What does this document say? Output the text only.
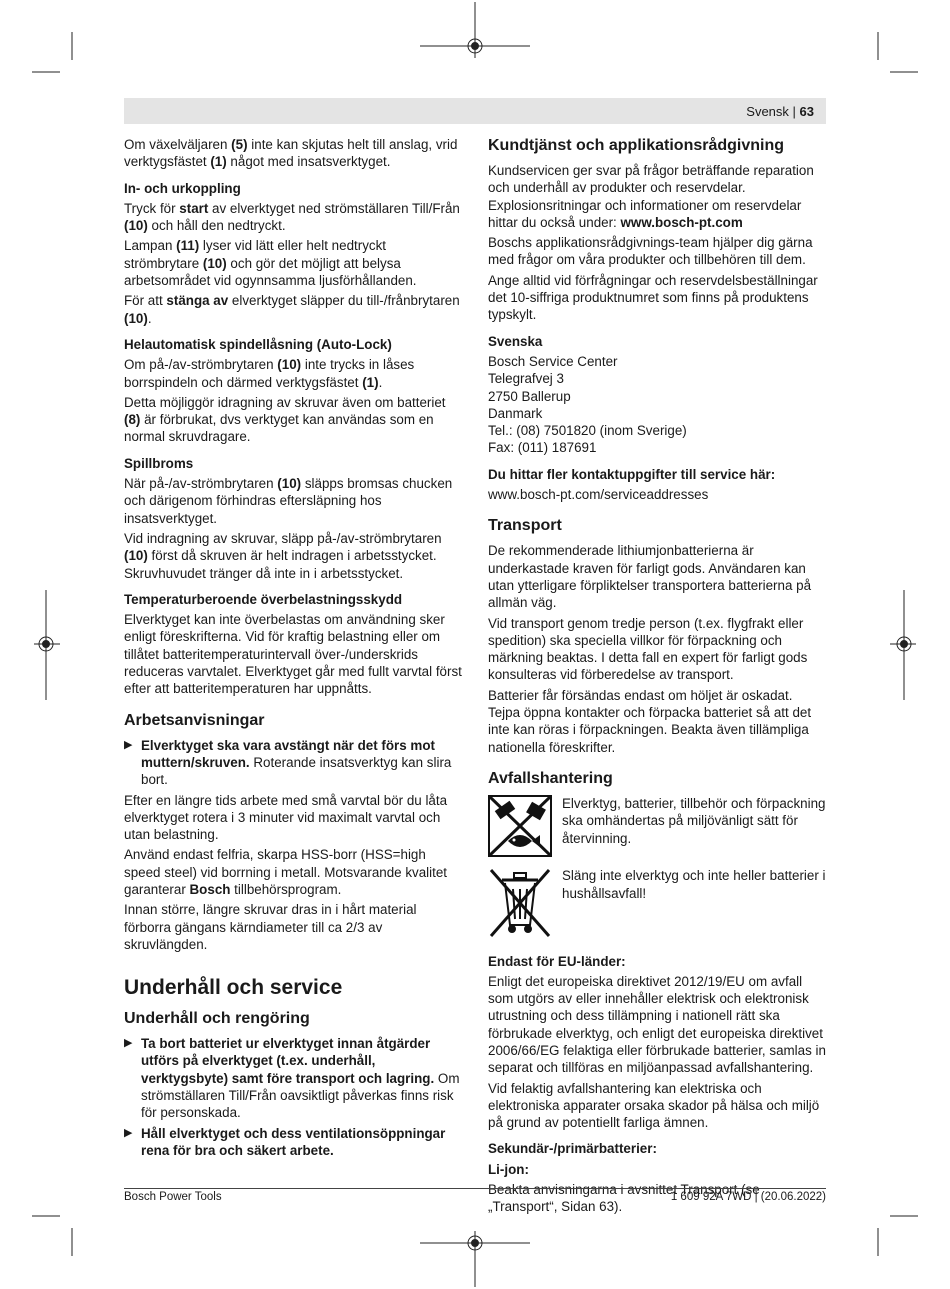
Svensk | 63

Om växelväljaren (5) inte kan skjutas helt till anslag, vrid verktygsfästet (1) något med insatsverktyget.

In- och urkoppling

Tryck för start av elverktyget ned strömställaren Till/Från (10) och håll den nedtryckt.

Lampan (11) lyser vid lätt eller helt nedtryckt strömbrytare (10) och gör det möjligt att belysa arbetsområdet vid ogynnsamma ljusförhållanden.

För att stänga av elverktyget släpper du till-/frånbrytaren (10).

Helautomatisk spindellåsning (Auto-Lock)

Om på-/av-strömbrytaren (10) inte trycks in låses borrspindeln och därmed verktygsfästet (1).

Detta möjliggör idragning av skruvar även om batteriet (8) är förbrukat, dvs verktyget kan användas som en normal skruvdragare.

Spillbroms

När på-/av-strömbrytaren (10) släpps bromsas chucken och därigenom förhindras eftersläpning hos insatsverktyget.

Vid indragning av skruvar, släpp på-/av-strömbrytaren (10) först då skruven är helt indragen i arbetsstycket. Skruvhuvudet tränger då inte in i arbetsstycket.

Temperaturberoende överbelastningsskydd

Elverktyget kan inte överbelastas om användning sker enligt föreskrifterna. Vid för kraftig belastning eller om tillåtet batteritemperaturintervall över-/underskrids reduceras varvtalet. Elverktyget går med fullt varvtal först efter att batteritemperaturen har uppnåtts.

Arbetsanvisningar
▶ Elverktyget ska vara avstängt när det förs mot muttern/skruven. Roterande insatsverktyg kan slira bort.

Efter en längre tids arbete med små varvtal bör du låta elverktyget rotera i 3 minuter vid maximalt varvtal och utan belastning.

Använd endast felfria, skarpa HSS-borr (HSS=high speed steel) vid borrning i metall. Motsvarande kvalitet garanterar Bosch tillbehörsprogram.

Innan större, längre skruvar dras in i hårt material förborra gängans kärndiameter till ca 2/3 av skruvlängden.

Underhåll och service
Underhåll och rengöring
▶ Ta bort batteriet ur elverktyget innan åtgärder utförs på elverktyget (t.ex. underhåll, verktygsbyte) samt före transport och lagring. Om strömställaren Till/Från oavsiktligt påverkas finns risk för personskada.
▶ Håll elverktyget och dess ventilationsöppningar rena för bra och säkert arbete.
Kundtjänst och applikationsrådgivning

Kundservicen ger svar på frågor beträffande reparation och underhåll av produkter och reservdelar. Explosionsritningar och informationer om reservdelar hittar du också under: www.bosch-pt.com

Boschs applikationsrådgivnings-team hjälper dig gärna med frågor om våra produkter och tillbehören till dem.

Ange alltid vid förfrågningar och reservdelsbeställningar det 10-siffriga produktnumret som finns på produktens typskylt.

Svenska

Bosch Service Center

Telegrafvej 3

2750 Ballerup

Danmark

Tel.: (08) 7501820 (inom Sverige)

Fax: (011) 187691

Du hittar fler kontaktuppgifter till service här:

www.bosch-pt.com/serviceaddresses

Transport

De rekommenderade lithiumjonbatterierna är underkastade kraven för farligt gods. Användaren kan utan ytterligare förpliktelser transportera batterierna på allmän väg.

Vid transport genom tredje person (t.ex. flygfrakt eller spedition) ska speciella villkor för förpackning och märkning beaktas. I detta fall en expert för farligt gods konsulteras vid förberedelse av transport.

Batterier får försändas endast om höljet är oskadat. Tejpa öppna kontakter och förpacka batteriet så att det inte kan röras i förpackningen. Beakta även tillämpliga nationella föreskrifter.

Avfallshantering

Elverktyg, batterier, tillbehör och förpackning ska omhändertas på miljövänligt sätt för återvinning.

Släng inte elverktyg och inte heller batterier i hushållsavfall!

Endast för EU-länder:

Enligt det europeiska direktivet 2012/19/EU om avfall som utgörs av eller innehåller elektrisk och elektronisk utrustning och dess tillämpning i nationell rätt ska förbrukade elverktyg, och enligt det europeiska direktivet 2006/66/EG felaktiga eller förbrukade batterier, samlas in separat och tillföras en miljöanpassad avfallshantering.

Vid felaktig avfallshantering kan elektriska och elektroniska apparater orsaka skador på hälsa och miljö på grund av potentiellt farliga ämnen.

Sekundär-/primärbatterier:
Li-jon:

Beakta anvisningarna i avsnittet Transport (se „Transport“, Sidan 63).

Bosch Power Tools	1 609 92A 7WD | (20.06.2022)
